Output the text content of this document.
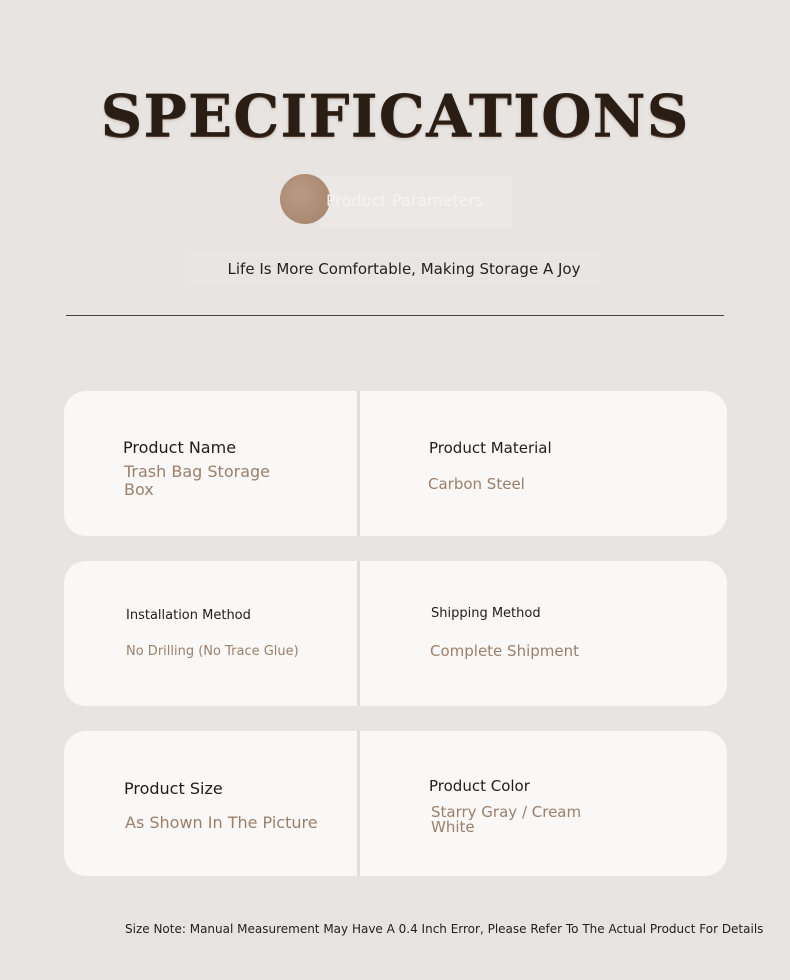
SPECIFICATIONS
Product Parameters
Life Is More Comfortable, Making Storage A Joy
Product Name
Trash Bag Storage Box
Product Material
Carbon Steel
Installation Method
No Drilling (No Trace Glue)
Shipping Method
Complete Shipment
Product Size
As Shown In The Picture
Product Color
Starry Gray / Cream White
Size Note: Manual Measurement May Have A 0.4 Inch Error, Please Refer To The Actual Product For Details
